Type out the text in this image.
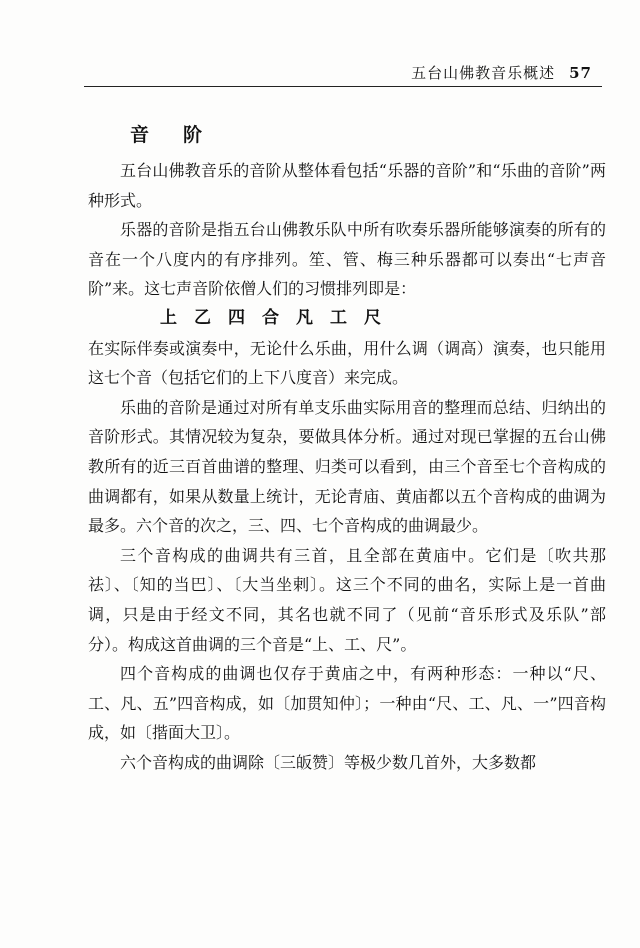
五台山佛教音乐概述 57
音阶

五台山佛教音乐的音阶从整体看包括“乐器的音阶”和“乐曲的音阶”两种形式。

乐器的音阶是指五台山佛教乐队中所有吹奏乐器所能够演奏的所有的音在一个八度内的有序排列。笙、管、梅三种乐器都可以奏出“七声音阶”来。这七声音阶依僧人们的习惯排列即是：

上乙四合凡工尺

在实际伴奏或演奏中，无论什么乐曲，用什么调（调高）演奏，也只能用这七个音（包括它们的上下八度音）来完成。

乐曲的音阶是通过对所有单支乐曲实际用音的整理而总结、归纳出的音阶形式。其情况较为复杂，要做具体分析。通过对现已掌握的五台山佛教所有的近三百首曲谱的整理、归类可以看到，由三个音至七个音构成的曲调都有，如果从数量上统计，无论青庙、黄庙都以五个音构成的曲调为最多。六个音的次之，三、四、七个音构成的曲调最少。

三个音构成的曲调共有三首，且全部在黄庙中。它们是〔吹共那祛〕、〔知的当巴〕、〔大当坐剌〕。这三个不同的曲名，实际上是一首曲调，只是由于经文不同，其名也就不同了（见前“音乐形式及乐队”部分）。构成这首曲调的三个音是“上、工、尺”。

四个音构成的曲调也仅存于黄庙之中，有两种形态：一种以“尺、工、凡、五”四音构成，如〔加贯知仲〕；一种由“尺、工、凡、一”四音构成，如〔揩面大卫〕。

六个音构成的曲调除〔三皈赞〕等极少数几首外，大多数都
